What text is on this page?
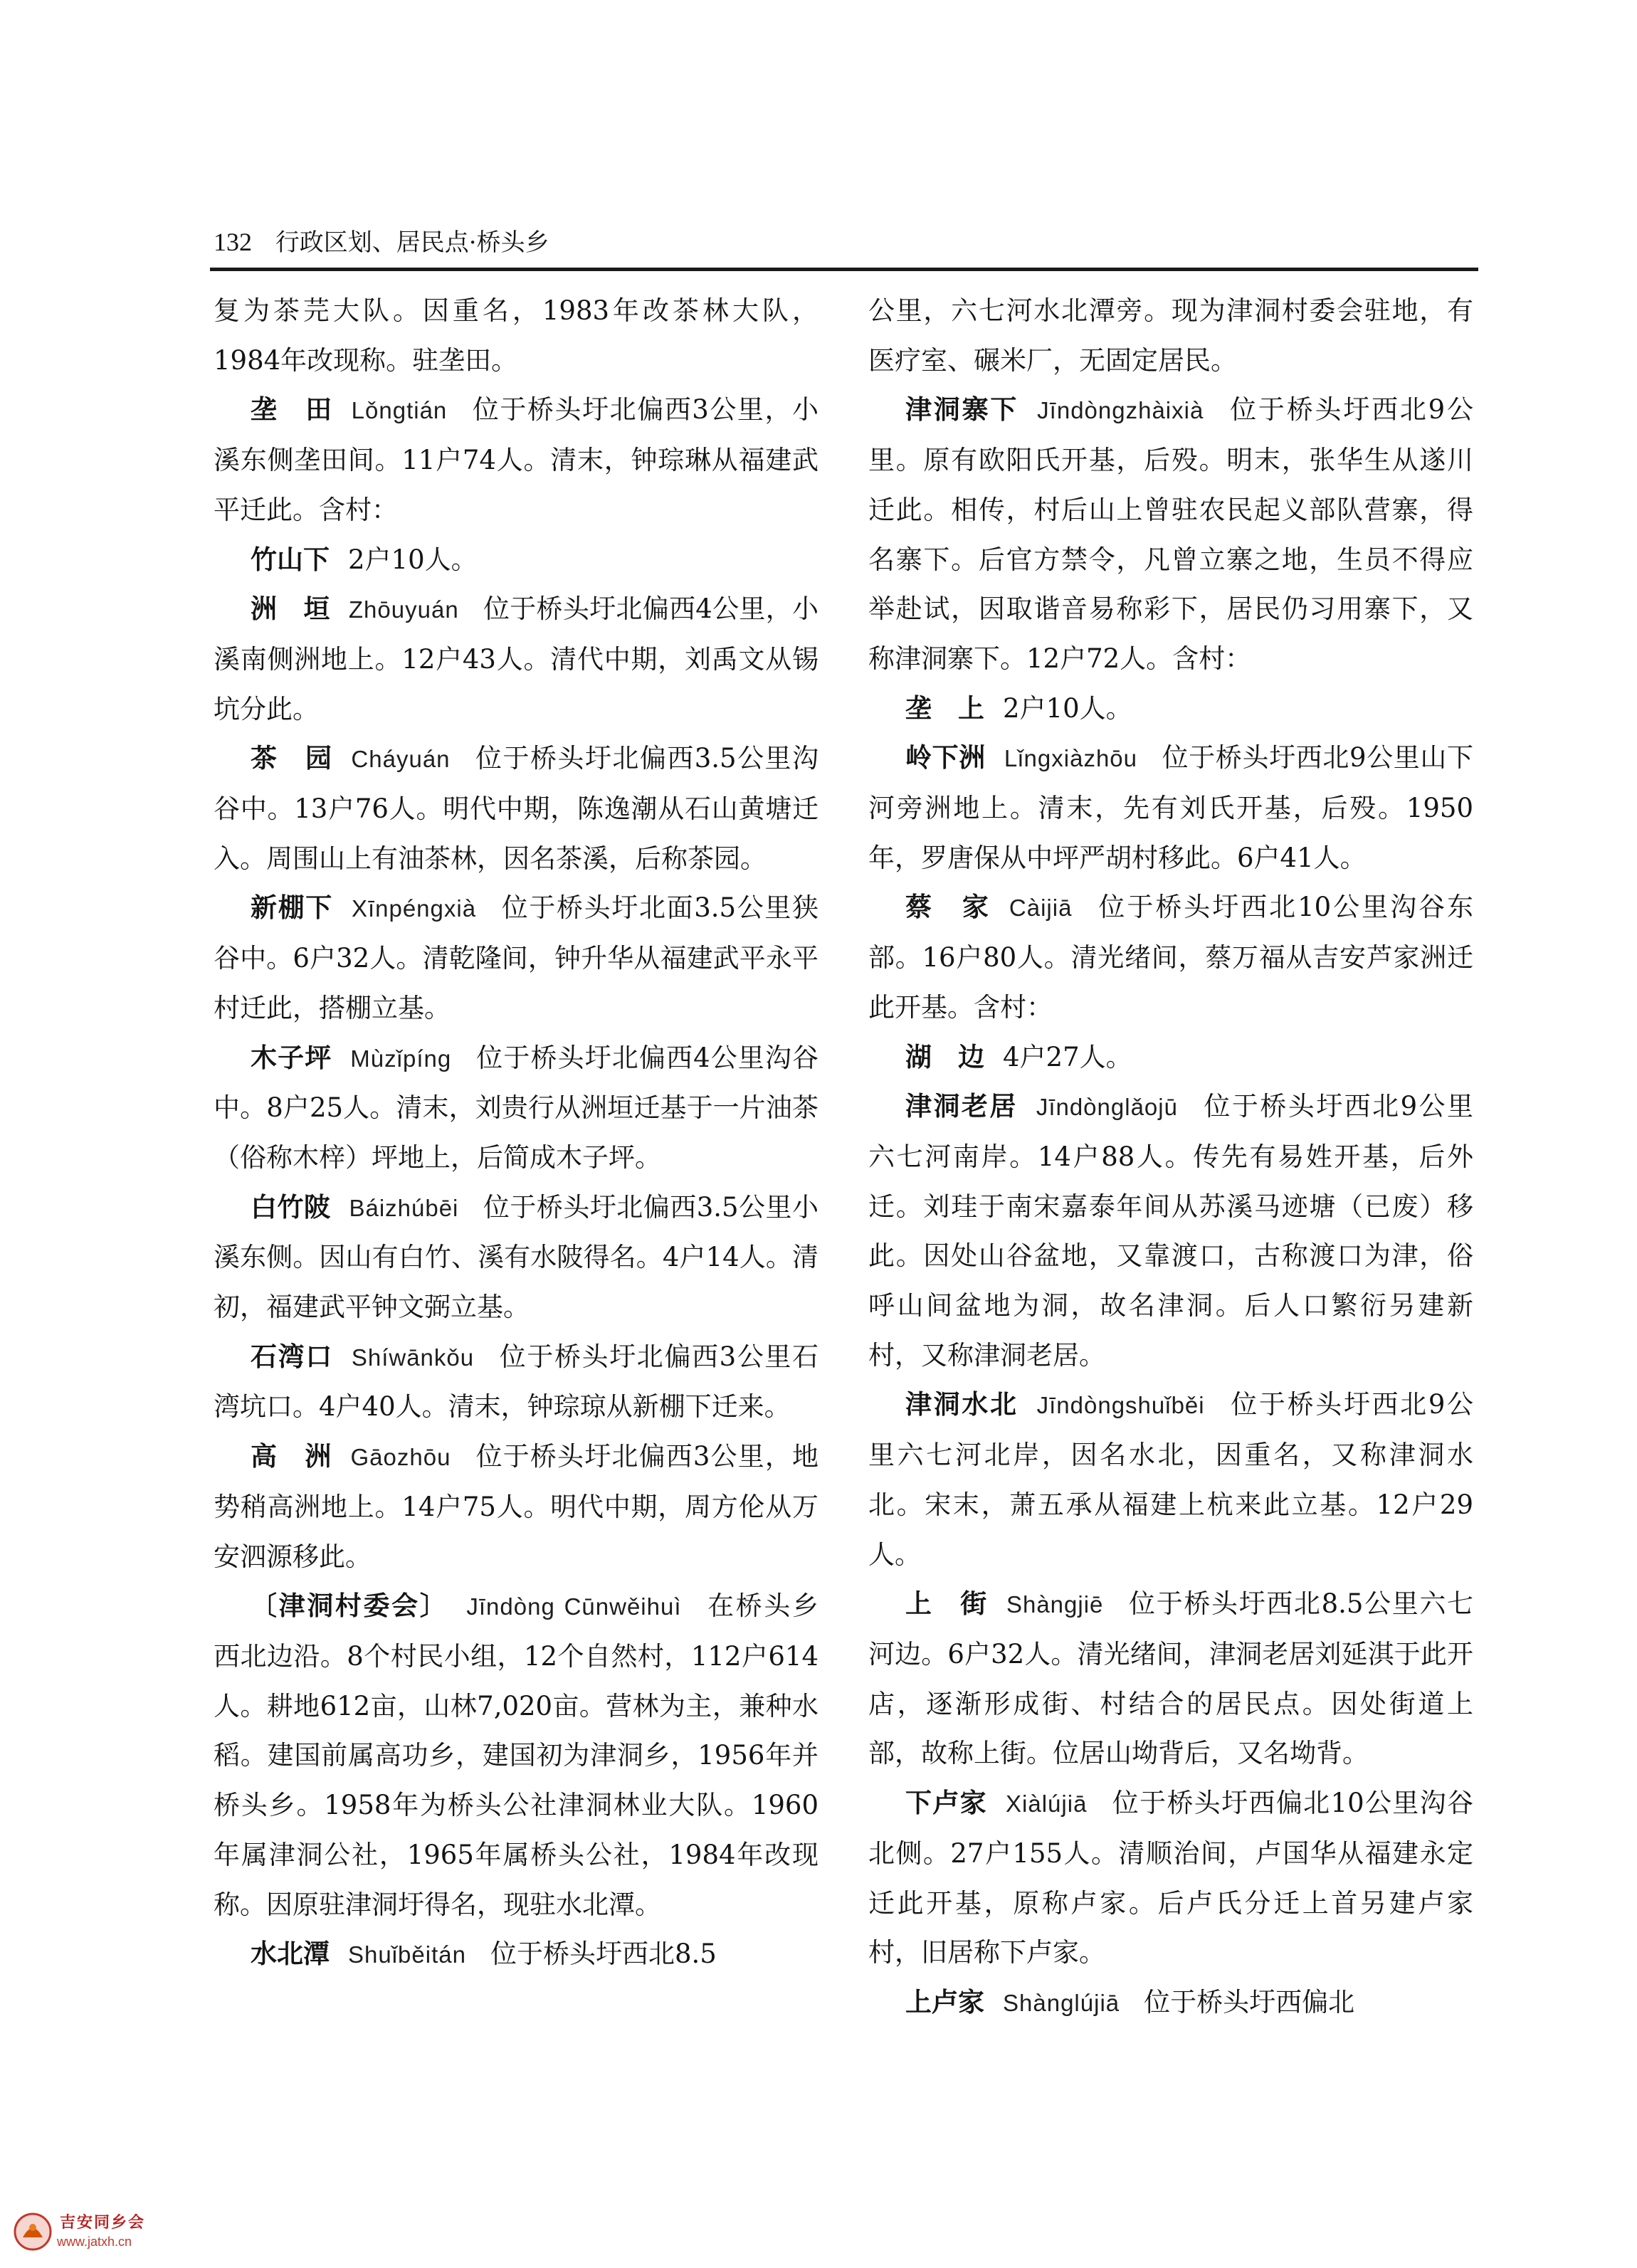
132 行政区划、居民点·桥头乡

复为茶芫大队。因重名，1983年改茶林大队，1984年改现称。驻垄田。

垄　田 Lǒngtián 位于桥头圩北偏西3公里，小溪东侧垄田间。11户74人。清末，钟琮琳从福建武平迁此。含村：

竹山下 2户10人。

洲　垣 Zhōuyuán 位于桥头圩北偏西4公里，小溪南侧洲地上。12户43人。清代中期，刘禹文从锡坑分此。

茶　园 Cháyuán 位于桥头圩北偏西3.5公里沟谷中。13户76人。明代中期，陈逸潮从石山黄塘迁入。周围山上有油茶林，因名茶溪，后称茶园。

新棚下 Xīnpéngxià 位于桥头圩北面3.5公里狭谷中。6户32人。清乾隆间，钟升华从福建武平永平村迁此，搭棚立基。

木子坪 Mùzǐpíng 位于桥头圩北偏西4公里沟谷中。8户25人。清末，刘贵行从洲垣迁基于一片油茶（俗称木梓）坪地上，后简成木子坪。

白竹陂 Báizhúbēi 位于桥头圩北偏西3.5公里小溪东侧。因山有白竹、溪有水陂得名。4户14人。清初，福建武平钟文弼立基。

石湾口 Shíwānkǒu 位于桥头圩北偏西3公里石湾坑口。4户40人。清末，钟琮琼从新棚下迁来。

高　洲 Gāozhōu 位于桥头圩北偏西3公里，地势稍高洲地上。14户75人。明代中期，周方伦从万安泗源移此。

〔津洞村委会〕 Jīndòng Cūnwěihuì 在桥头乡西北边沿。8个村民小组，12个自然村，112户614人。耕地612亩，山林7,020亩。营林为主，兼种水稻。建国前属高功乡，建国初为津洞乡，1956年并桥头乡。1958年为桥头公社津洞林业大队。1960年属津洞公社，1965年属桥头公社，1984年改现称。因原驻津洞圩得名，现驻水北潭。

水北潭 Shuǐběitán 位于桥头圩西北8.5

公里，六七河水北潭旁。现为津洞村委会驻地，有医疗室、碾米厂，无固定居民。

津洞寨下 Jīndòngzhàixià 位于桥头圩西北9公里。原有欧阳氏开基，后殁。明末，张华生从遂川迁此。相传，村后山上曾驻农民起义部队营寨，得名寨下。后官方禁令，凡曾立寨之地，生员不得应举赴试，因取谐音易称彩下，居民仍习用寨下，又称津洞寨下。12户72人。含村：

垄　上 2户10人。

岭下洲 Lǐngxiàzhōu 位于桥头圩西北9公里山下河旁洲地上。清末，先有刘氏开基，后殁。1950年，罗唐保从中坪严胡村移此。6户41人。

蔡　家 Càijiā 位于桥头圩西北10公里沟谷东部。16户80人。清光绪间，蔡万福从吉安芦家洲迁此开基。含村：

湖　边 4户27人。

津洞老居 Jīndònglǎojū 位于桥头圩西北9公里六七河南岸。14户88人。传先有易姓开基，后外迁。刘珪于南宋嘉泰年间从苏溪马迹塘（已废）移此。因处山谷盆地，又靠渡口，古称渡口为津，俗呼山间盆地为洞，故名津洞。后人口繁衍另建新村，又称津洞老居。

津洞水北 Jīndòngshuǐběi 位于桥头圩西北9公里六七河北岸，因名水北，因重名，又称津洞水北。宋末，萧五承从福建上杭来此立基。12户29人。

上　街 Shàngjiē 位于桥头圩西北8.5公里六七河边。6户32人。清光绪间，津洞老居刘延淇于此开店，逐渐形成街、村结合的居民点。因处街道上部，故称上街。位居山坳背后，又名坳背。

下卢家 Xiàlújiā 位于桥头圩西偏北10公里沟谷北侧。27户155人。清顺治间，卢国华从福建永定迁此开基，原称卢家。后卢氏分迁上首另建卢家村，旧居称下卢家。

上卢家 Shànglújiā 位于桥头圩西偏北

吉安同乡会
www.jatxh.cn
